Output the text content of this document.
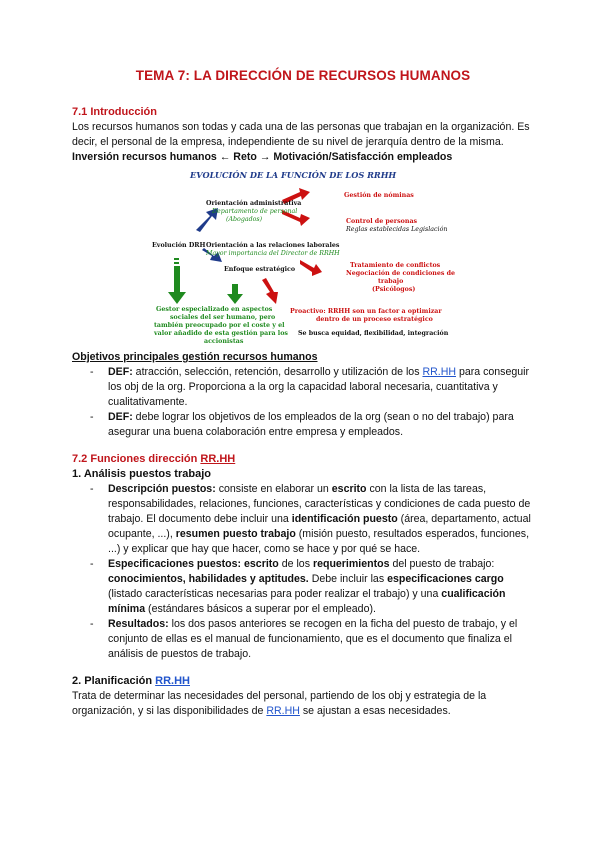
TEMA 7: LA DIRECCIÓN DE RECURSOS HUMANOS
7.1 Introducción

Los recursos humanos son todas y cada una de las personas que trabajan en la organización. Es decir, el personal de la empresa, independiente de su nivel de jerarquía dentro de la misma.

Inversión recursos humanos ← Reto → Motivación/Satisfacción empleados

EVOLUCIÓN DE LA FUNCIÓN DE LOS RRHH
Orientación administrativa
Departamento de personal
(Abogados)
Evolución DRH Orientación a las relaciones laborales
Mayor importancia del Director de RRHH
Enfoque estratégico
Gestión de nóminas
Control de personas
Reglas establecidas Legislación
Tratamiento de conflictos
Negociación de condiciones de
trabajo
(Psicólogos)
Gestor especializado en aspectos
sociales del ser humano, pero
también preocupado por el coste y el
valor añadido de esta gestión para los
accionistas
Proactivo: RRHH son un factor a optimizar
dentro de un proceso estratégico
Se busca equidad, flexibilidad, integración

Objetivos principales gestión recursos humanos

- DEF: atracción, selección, retención, desarrollo y utilización de los RR.HH para conseguir los obj de la org. Proporciona a la org la capacidad laboral necesaria, cuantitativa y cualitativamente.
- DEF: debe lograr los objetivos de los empleados de la org (sean o no del trabajo) para asegurar una buena colaboración entre empresa y empleados.
7.2 Funciones dirección RR.HH
1. Análisis puestos trabajo
- Descripción puestos: consiste en elaborar un escrito con la lista de las tareas, responsabilidades, relaciones, funciones, características y condiciones de cada puesto de trabajo. El documento debe incluir una identificación puesto (área, departamento, actual ocupante, ...), resumen puesto trabajo (misión puesto, resultados esperados, funciones, ...) y explicar que hay que hacer, como se hace y por qué se hace.
- Especificaciones puestos: escrito de los requerimientos del puesto de trabajo: conocimientos, habilidades y aptitudes. Debe incluir las especificaciones cargo (listado características necesarias para poder realizar el trabajo) y una cualificación mínima (estándares básicos a superar por el empleado).
- Resultados: los dos pasos anteriores se recogen en la ficha del puesto de trabajo, y el conjunto de ellas es el manual de funcionamiento, que es el documento que finaliza el análisis de puestos de trabajo.
2. Planificación RR.HH

Trata de determinar las necesidades del personal, partiendo de los obj y estrategia de la organización, y si las disponibilidades de RR.HH se ajustan a esas necesidades.
